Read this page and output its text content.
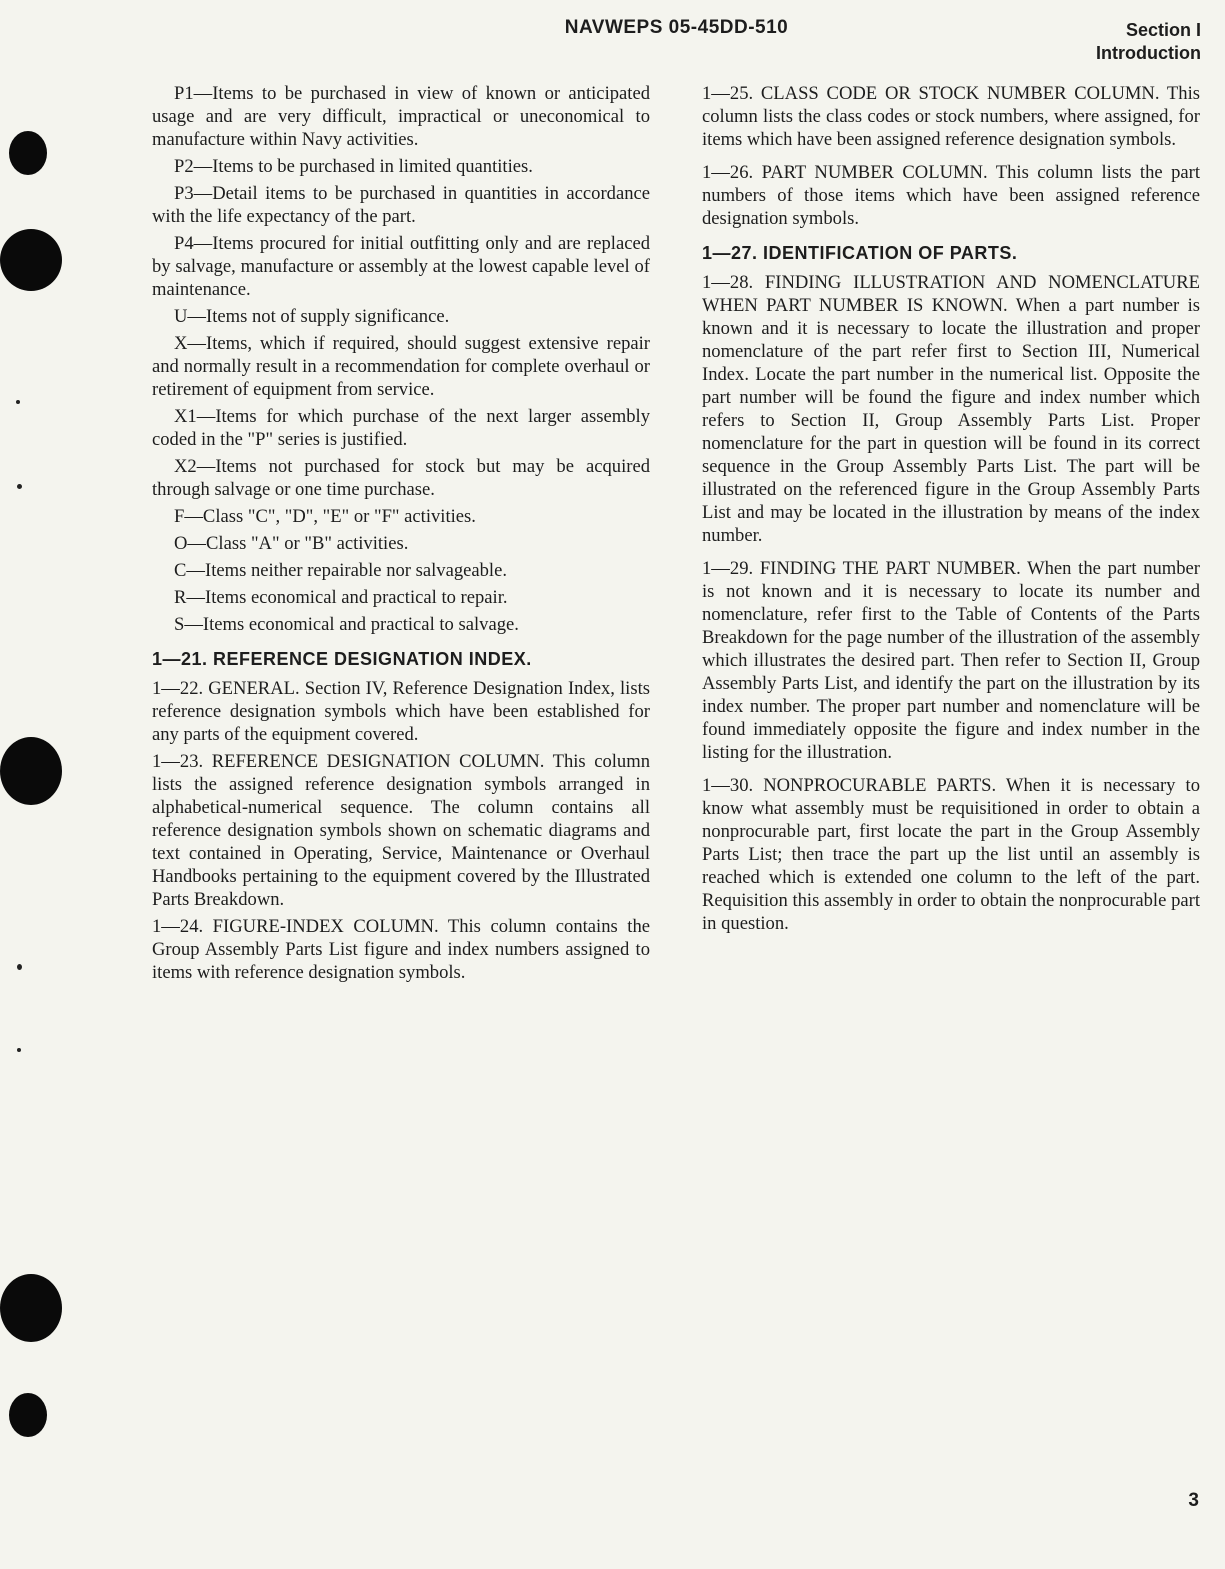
NAVWEPS 05-45DD-510	Section I
Introduction

P1—Items to be purchased in view of known or anticipated usage and are very difficult, impractical or uneconomical to manufacture within Navy activities.

P2—Items to be purchased in limited quantities.

P3—Detail items to be purchased in quantities in accordance with the life expectancy of the part.

P4—Items procured for initial outfitting only and are replaced by salvage, manufacture or assembly at the lowest capable level of maintenance.

U—Items not of supply significance.

X—Items, which if required, should suggest extensive repair and normally result in a recommendation for complete overhaul or retirement of equipment from service.

X1—Items for which purchase of the next larger assembly coded in the "P" series is justified.

X2—Items not purchased for stock but may be acquired through salvage or one time purchase.

F—Class "C", "D", "E" or "F" activities.

O—Class "A" or "B" activities.

C—Items neither repairable nor salvageable.

R—Items economical and practical to repair.

S—Items economical and practical to salvage.

1—21. REFERENCE DESIGNATION INDEX.

1—22. GENERAL. Section IV, Reference Designation Index, lists reference designation symbols which have been established for any parts of the equipment covered.

1—23. REFERENCE DESIGNATION COLUMN. This column lists the assigned reference designation symbols arranged in alphabetical-numerical sequence. The column contains all reference designation symbols shown on schematic diagrams and text contained in Operating, Service, Maintenance or Overhaul Handbooks pertaining to the equipment covered by the Illustrated Parts Breakdown.

1—24. FIGURE-INDEX COLUMN. This column contains the Group Assembly Parts List figure and index numbers assigned to items with reference designation symbols.

1—25. CLASS CODE OR STOCK NUMBER COLUMN. This column lists the class codes or stock numbers, where assigned, for items which have been assigned reference designation symbols.

1—26. PART NUMBER COLUMN. This column lists the part numbers of those items which have been assigned reference designation symbols.

1—27. IDENTIFICATION OF PARTS.

1—28. FINDING ILLUSTRATION AND NOMENCLATURE WHEN PART NUMBER IS KNOWN. When a part number is known and it is necessary to locate the illustration and proper nomenclature of the part refer first to Section III, Numerical Index. Locate the part number in the numerical list. Opposite the part number will be found the figure and index number which refers to Section II, Group Assembly Parts List. Proper nomenclature for the part in question will be found in its correct sequence in the Group Assembly Parts List. The part will be illustrated on the referenced figure in the Group Assembly Parts List and may be located in the illustration by means of the index number.

1—29. FINDING THE PART NUMBER. When the part number is not known and it is necessary to locate its number and nomenclature, refer first to the Table of Contents of the Parts Breakdown for the page number of the illustration of the assembly which illustrates the desired part. Then refer to Section II, Group Assembly Parts List, and identify the part on the illustration by its index number. The proper part number and nomenclature will be found immediately opposite the figure and index number in the listing for the illustration.

1—30. NONPROCURABLE PARTS. When it is necessary to know what assembly must be requisitioned in order to obtain a nonprocurable part, first locate the part in the Group Assembly Parts List; then trace the part up the list until an assembly is reached which is extended one column to the left of the part. Requisition this assembly in order to obtain the nonprocurable part in question.

3
